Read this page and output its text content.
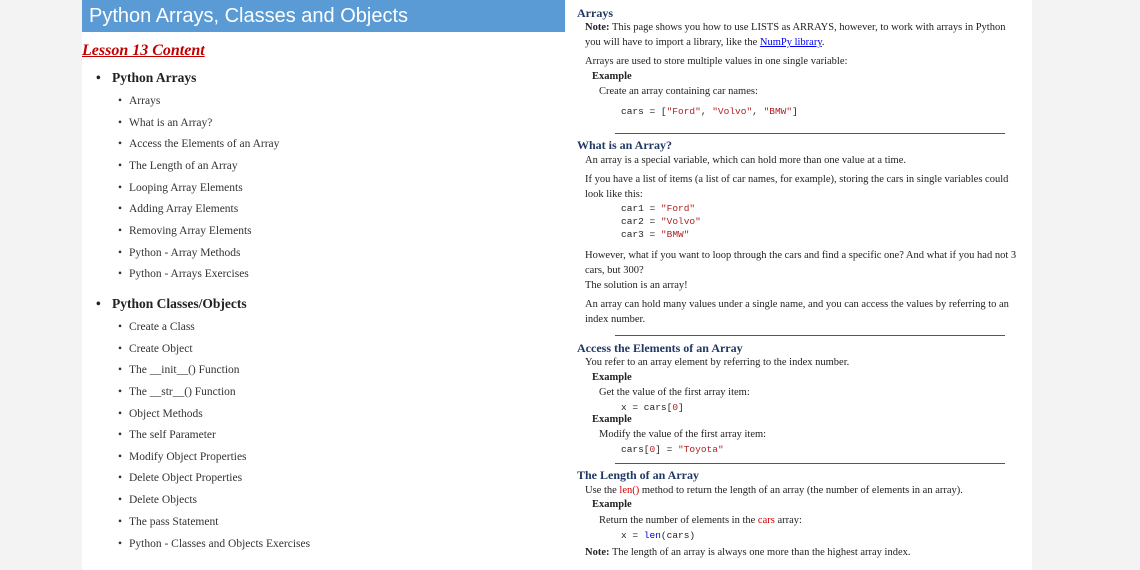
Python Arrays, Classes and Objects
Lesson 13 Content
• Python Arrays
• Arrays
• What is an Array?
• Access the Elements of an Array
• The Length of an Array
• Looping Array Elements
• Adding Array Elements
• Removing Array Elements
• Python - Array Methods
• Python - Arrays Exercises
• Python Classes/Objects
• Create a Class
• Create Object
• The __init__() Function
• The __str__() Function
• Object Methods
• The self Parameter
• Modify Object Properties
• Delete Object Properties
• Delete Objects
• The pass Statement
• Python - Classes and Objects Exercises
Arrays
Note: This page shows you how to use LISTS as ARRAYS, however, to work with arrays in Python
you will have to import a library, like the NumPy library.
Arrays are used to store multiple values in one single variable:
Example
Create an array containing car names:
cars = ["Ford", "Volvo", "BMW"]
What is an Array?
An array is a special variable, which can hold more than one value at a time.
If you have a list of items (a list of car names, for example), storing the cars in single variables could
look like this:
car1 = "Ford"
car2 = "Volvo"
car3 = "BMW"
However, what if you want to loop through the cars and find a specific one? And what if you had not 3
cars, but 300?
The solution is an array!
An array can hold many values under a single name, and you can access the values by referring to an
index number.
Access the Elements of an Array
You refer to an array element by referring to the index number.
Example
Get the value of the first array item:
x = cars[0]
Example
Modify the value of the first array item:
cars[0] = "Toyota"
The Length of an Array
Use the len() method to return the length of an array (the number of elements in an array).
Example
Return the number of elements in the cars array:
x = len(cars)
Note: The length of an array is always one more than the highest array index.
